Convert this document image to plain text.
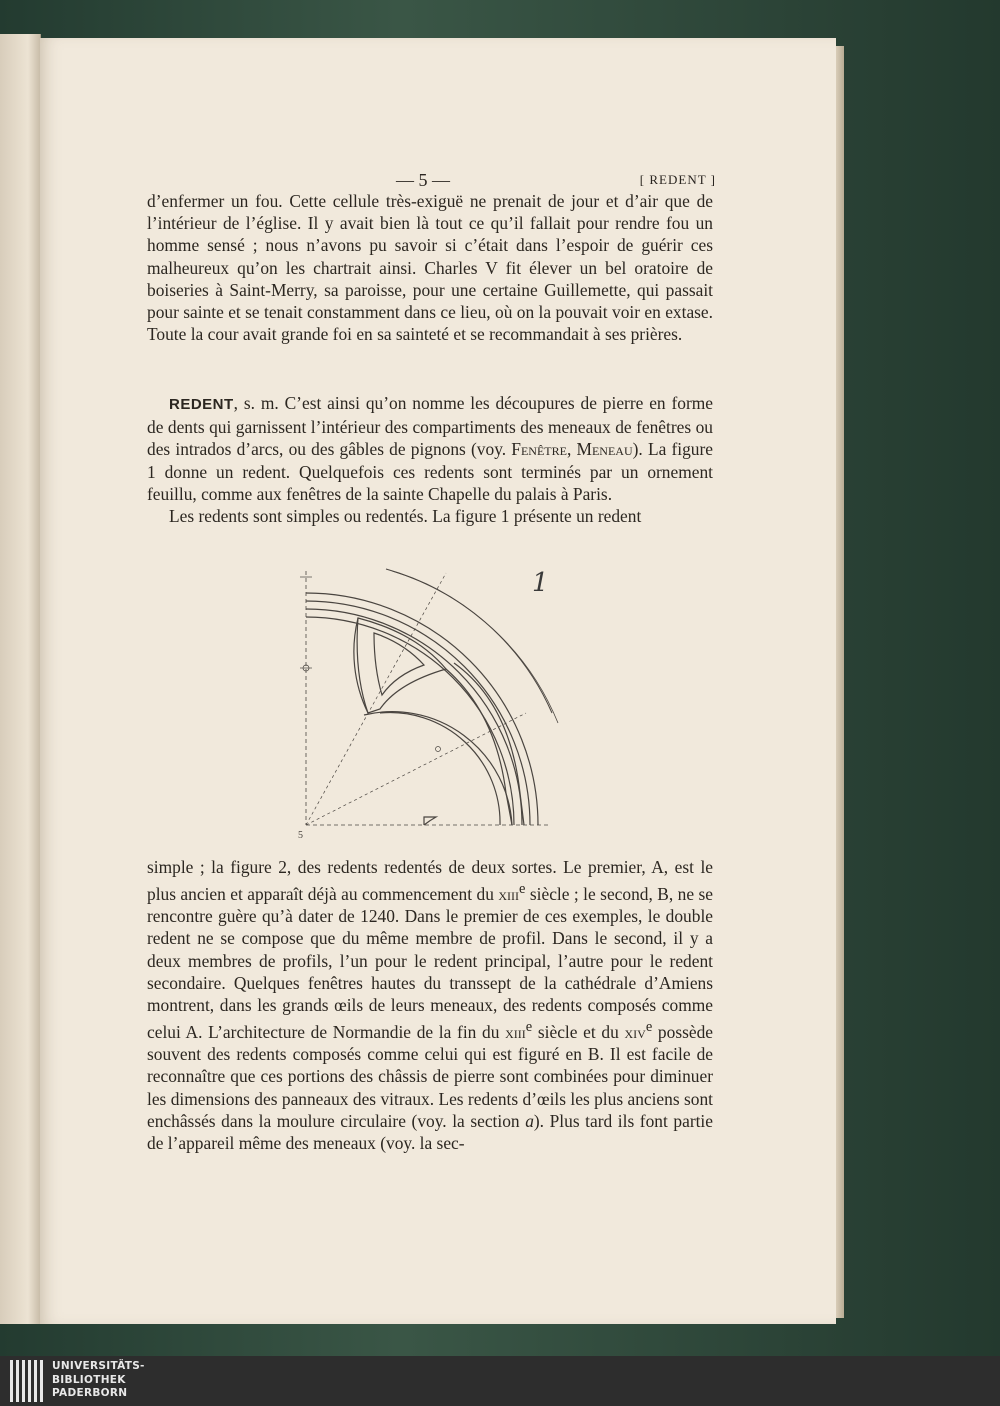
— 5 —	[ REDENT ]

d’enfermer un fou. Cette cellule très-exiguë ne prenait de jour et d’air que de l’intérieur de l’église. Il y avait bien là tout ce qu’il fallait pour rendre fou un homme sensé ; nous n’avons pu savoir si c’était dans l’espoir de guérir ces malheureux qu’on les chartrait ainsi. Charles V fit élever un bel oratoire de boiseries à Saint-Merry, sa paroisse, pour une certaine Guillemette, qui passait pour sainte et se tenait constamment dans ce lieu, où on la pouvait voir en extase. Toute la cour avait grande foi en sa sainteté et se recommandait à ses prières.

REDENT, s. m. C’est ainsi qu’on nomme les découpures de pierre en forme de dents qui garnissent l’intérieur des compartiments des meneaux de fenêtres ou des intrados d’arcs, ou des gâbles de pignons (voy. Fenêtre, Meneau). La figure 1 donne un redent. Quelquefois ces redents sont terminés par un ornement feuillu, comme aux fenêtres de la sainte Chapelle du palais à Paris.

Les redents sont simples ou redentés. La figure 1 présente un redent

5
1

simple ; la figure 2, des redents redentés de deux sortes. Le premier, A, est le plus ancien et apparaît déjà au commencement du xiii$^e$ siècle ; le second, B, ne se rencontre guère qu’à dater de 1240. Dans le premier de ces exemples, le double redent ne se compose que du même membre de profil. Dans le second, il y a deux membres de profils, l’un pour le redent principal, l’autre pour le redent secondaire. Quelques fenêtres hautes du transsept de la cathédrale d’Amiens montrent, dans les grands œils de leurs meneaux, des redents composés comme celui A. L’architecture de Normandie de la fin du xiii$^e$ siècle et du xiv$^e$ possède souvent des redents composés comme celui qui est figuré en B. Il est facile de reconnaître que ces portions des châssis de pierre sont combinées pour diminuer les dimensions des panneaux des vitraux. Les redents d’œils les plus anciens sont enchâssés dans la moulure circulaire (voy. la section a). Plus tard ils font partie de l’appareil même des meneaux (voy. la sec-

UNIVERSITÄTS-
BIBLIOTHEK
PADERBORN
